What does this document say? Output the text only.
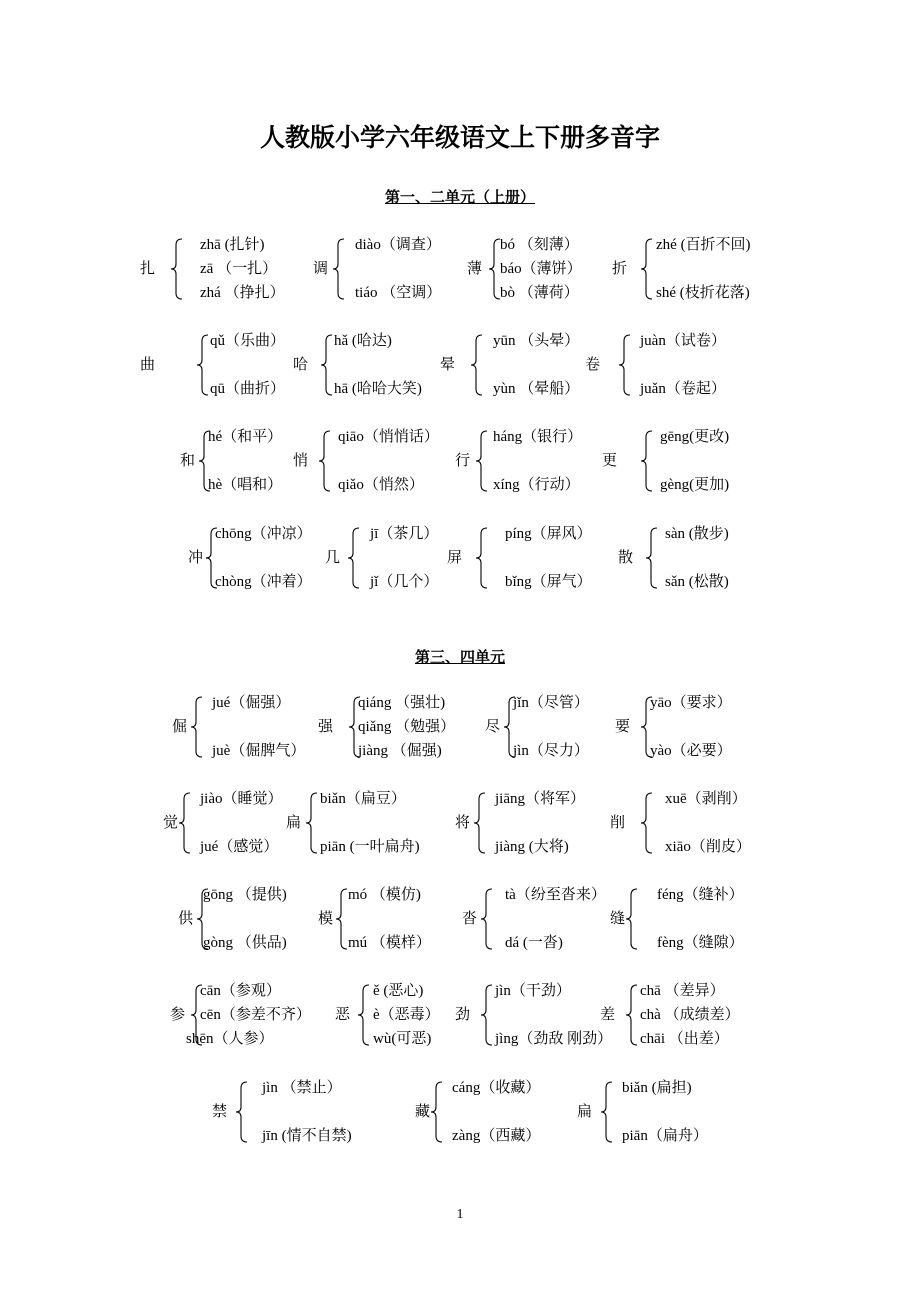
人教版小学六年级语文上下册多音字
第一、二单元（上册）
第三、四单元
扎
zhā (扎针)
zā （一扎）
zhá （挣扎）
调
diào（调查）
tiáo （空调）
薄
bó （刻薄）
báo（薄饼）
bò （薄荷）
折
zhé (百折不回)
shé (枝折花落)
曲
qǔ（乐曲）
qū（曲折）
哈
hǎ (哈达)
hā (哈哈大笑)
晕
yūn （头晕）
yùn （晕船）
卷
juàn（试卷）
juǎn（卷起）
和
hé（和平）
hè（唱和）
悄
qiāo（悄悄话）
qiǎo（悄然）
行
háng（银行）
xíng（行动）
更
gēng(更改)
gèng(更加)
冲
chōng（冲凉）
chòng（冲着）
几
jī（茶几）
jǐ（几个）
屏
píng（屏风）
bǐng（屏气）
散
sàn (散步)
sǎn (松散)
倔
jué（倔强）
juè（倔脾气）
强
qiáng （强壮)
qiǎng （勉强）
jiàng （倔强)
尽
jǐn（尽管）
jìn（尽力）
要
yāo（要求）
yào（必要）
觉
jiào（睡觉）
jué（感觉）
扁
biǎn（扁豆）
piān (一叶扁舟)
将
jiāng（将军）
jiàng (大将)
削
xuē（剥削）
xiāo（削皮）
供
gōng （提供)
gòng （供品)
模
mó （模仿)
mú （模样）
沓
tà（纷至沓来）
dá (一沓)
缝
féng（缝补）
fèng（缝隙）
参
cān（参观）
cēn（参差不齐）
shēn（人参）
恶
ě (恶心)
è（恶毒）
wù(可恶)
劲
jìn（干劲）
jìng（劲敌 刚劲）
差
chā （差异）
chà （成绩差）
chāi （出差）
禁
jìn （禁止）
jīn (情不自禁)
藏
cáng（收藏）
zàng（西藏）
扁
biǎn (扁担)
piān（扁舟）
1
